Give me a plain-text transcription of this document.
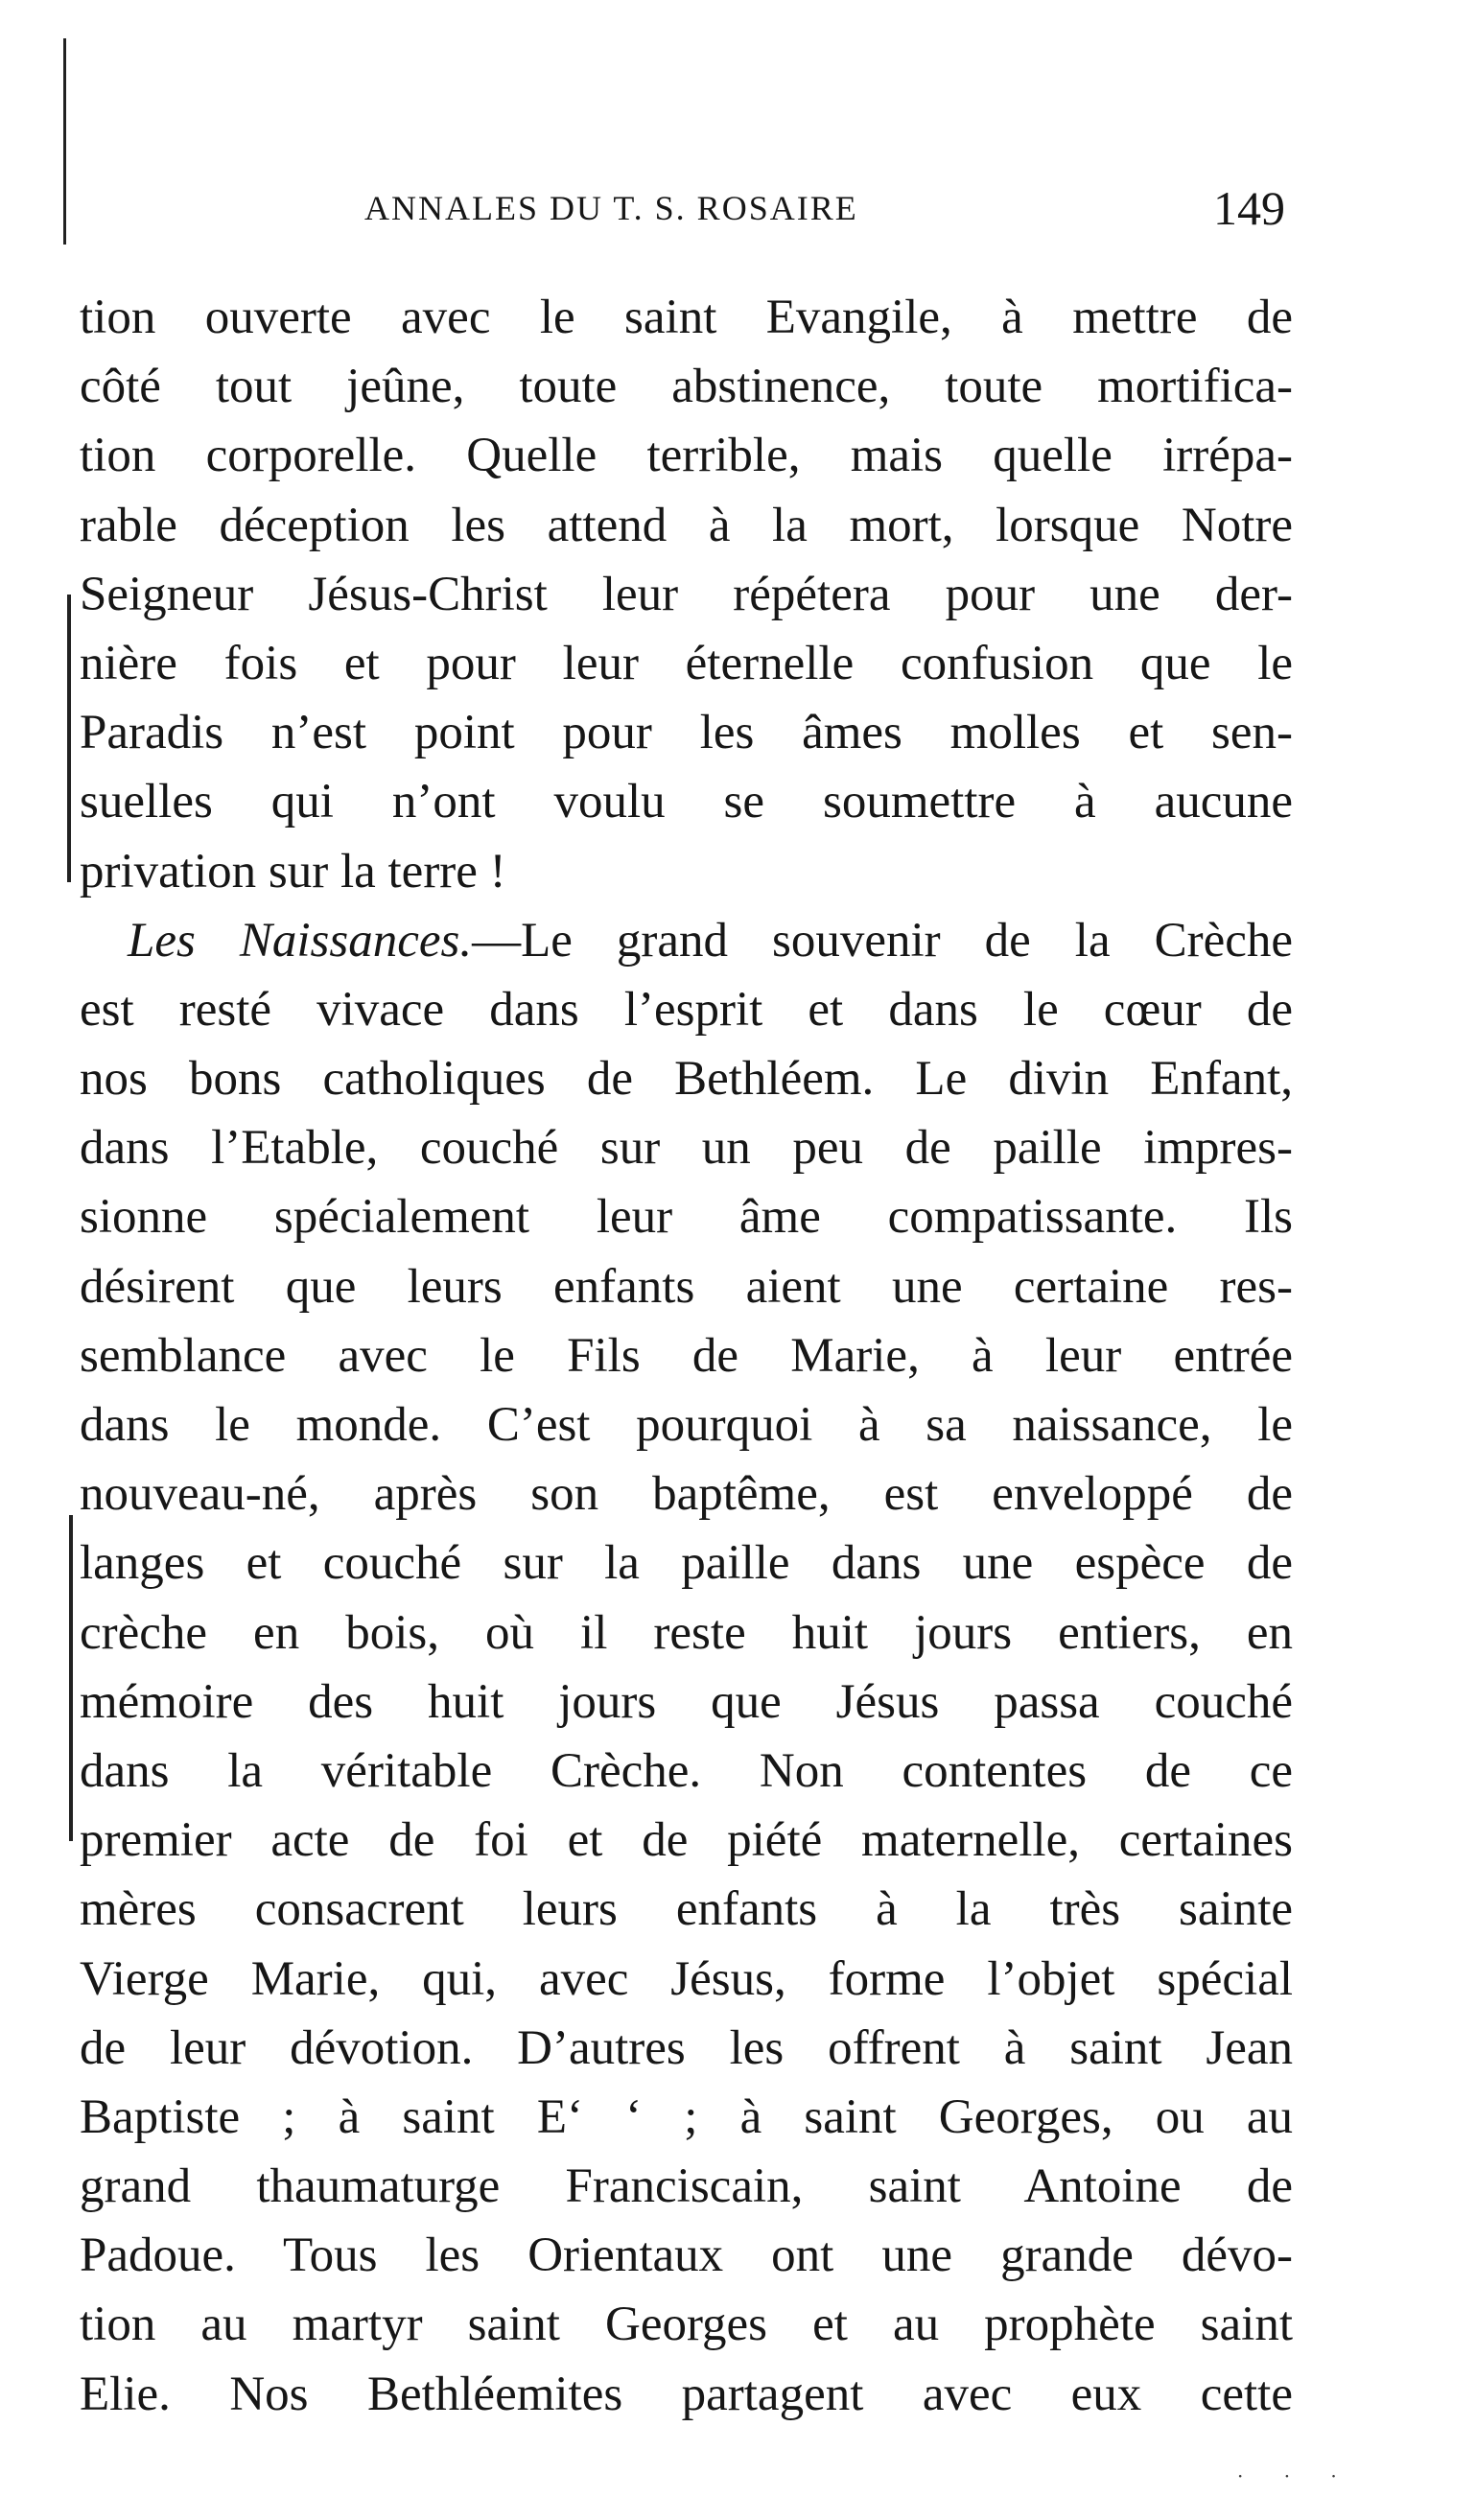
ANNALES DU T. S. ROSAIRE	149
tion ouverte avec le saint Evangile, à mettre de
côté tout jeûne, toute abstinence, toute mortifica-
tion corporelle. Quelle terrible, mais quelle irrépa-
rable déception les attend à la mort, lorsque Notre
Seigneur Jésus-Christ leur répétera pour une der-
nière fois et pour leur éternelle confusion que le
Paradis n’est point pour les âmes molles et sen-
suelles qui n’ont voulu se soumettre à aucune
privation sur la terre !
Les Naissances.—Le grand souvenir de la Crèche
est resté vivace dans l’esprit et dans le cœur de
nos bons catholiques de Bethléem. Le divin Enfant,
dans l’Etable, couché sur un peu de paille impres-
sionne spécialement leur âme compatissante. Ils
désirent que leurs enfants aient une certaine res-
semblance avec le Fils de Marie, à leur entrée
dans le monde. C’est pourquoi à sa naissance, le
nouveau-né, après son baptême, est enveloppé de
langes et couché sur la paille dans une espèce de
crèche en bois, où il reste huit jours entiers, en
mémoire des huit jours que Jésus passa couché
dans la véritable Crèche. Non contentes de ce
premier acte de foi et de piété maternelle, certaines
mères consacrent leurs enfants à la très sainte
Vierge Marie, qui, avec Jésus, forme l’objet spécial
de leur dévotion. D’autres les offrent à saint Jean
Baptiste ; à saint E‘ ‘ ; à saint Georges, ou au
grand thaumaturge Franciscain, saint Antoine de
Padoue. Tous les Orientaux ont une grande dévo-
tion au martyr saint Georges et au prophète saint
Elie. Nos Bethléemites partagent avec eux cette
· · ·
